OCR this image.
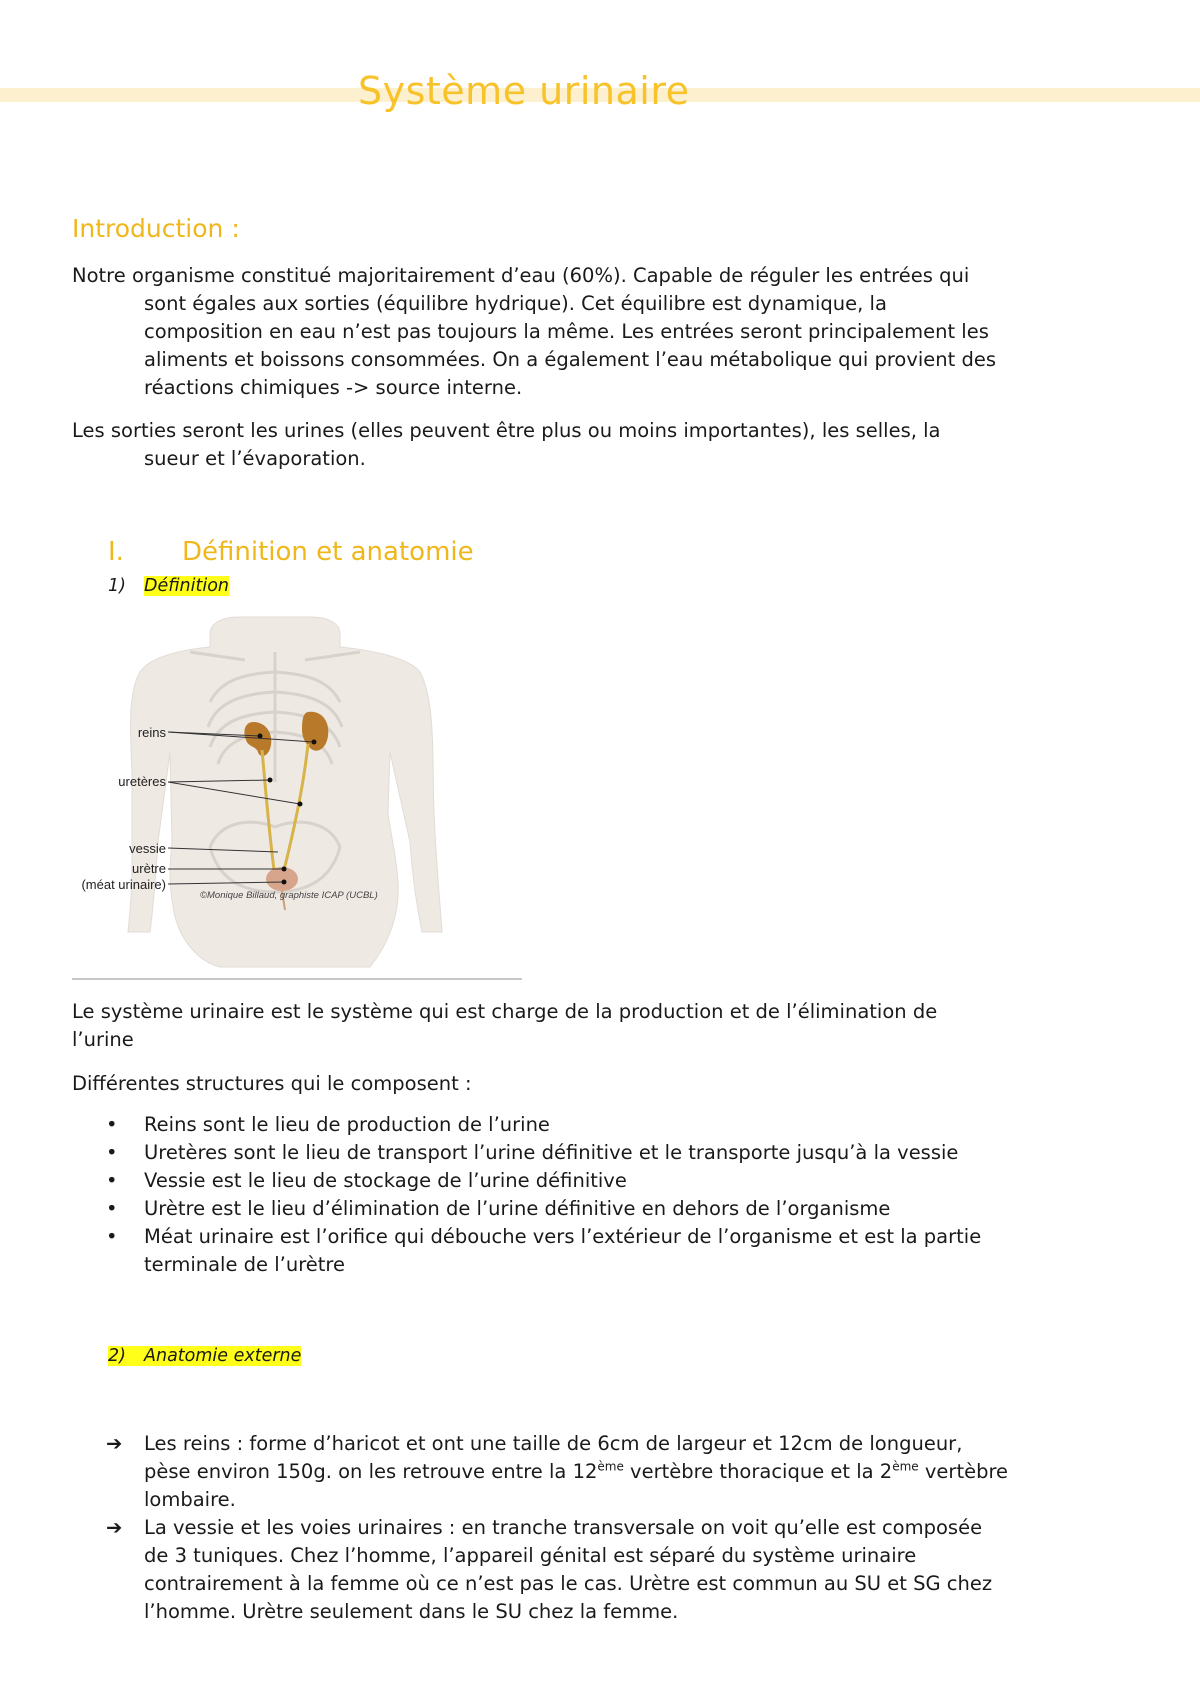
Système urinaire
Introduction :
Notre organisme constitué majoritairement d’eau (60%). Capable de réguler les entrées qui
sont égales aux sorties (équilibre hydrique). Cet équilibre est dynamique, la
composition en eau n’est pas toujours la même. Les entrées seront principalement les
aliments et boissons consommées. On a également l’eau métabolique qui provient des
réactions chimiques -> source interne.
Les sorties seront les urines (elles peuvent être plus ou moins importantes), les selles, la
sueur et l’évaporation.
I. Définition et anatomie
1) Définition
reins
uretères
vessie
urètre
(méat urinaire)
©Monique Billaud, graphiste ICAP (UCBL)
Le système urinaire est le système qui est charge de la production et de l’élimination de
l’urine
Différentes structures qui le composent :
• Reins sont le lieu de production de l’urine
• Uretères sont le lieu de transport l’urine définitive et le transporte jusqu’à la vessie
• Vessie est le lieu de stockage de l’urine définitive
• Urètre est le lieu d’élimination de l’urine définitive en dehors de l’organisme
• Méat urinaire est l’orifice qui débouche vers l’extérieur de l’organisme et est la partie
terminale de l’urètre
2) Anatomie externe
➔ Les reins : forme d’haricot et ont une taille de 6cm de largeur et 12cm de longueur,
pèse environ 150g. on les retrouve entre la 12ème vertèbre thoracique et la 2ème vertèbre
lombaire.
➔ La vessie et les voies urinaires : en tranche transversale on voit qu’elle est composée
de 3 tuniques. Chez l’homme, l’appareil génital est séparé du système urinaire
contrairement à la femme où ce n’est pas le cas. Urètre est commun au SU et SG chez
l’homme. Urètre seulement dans le SU chez la femme.
